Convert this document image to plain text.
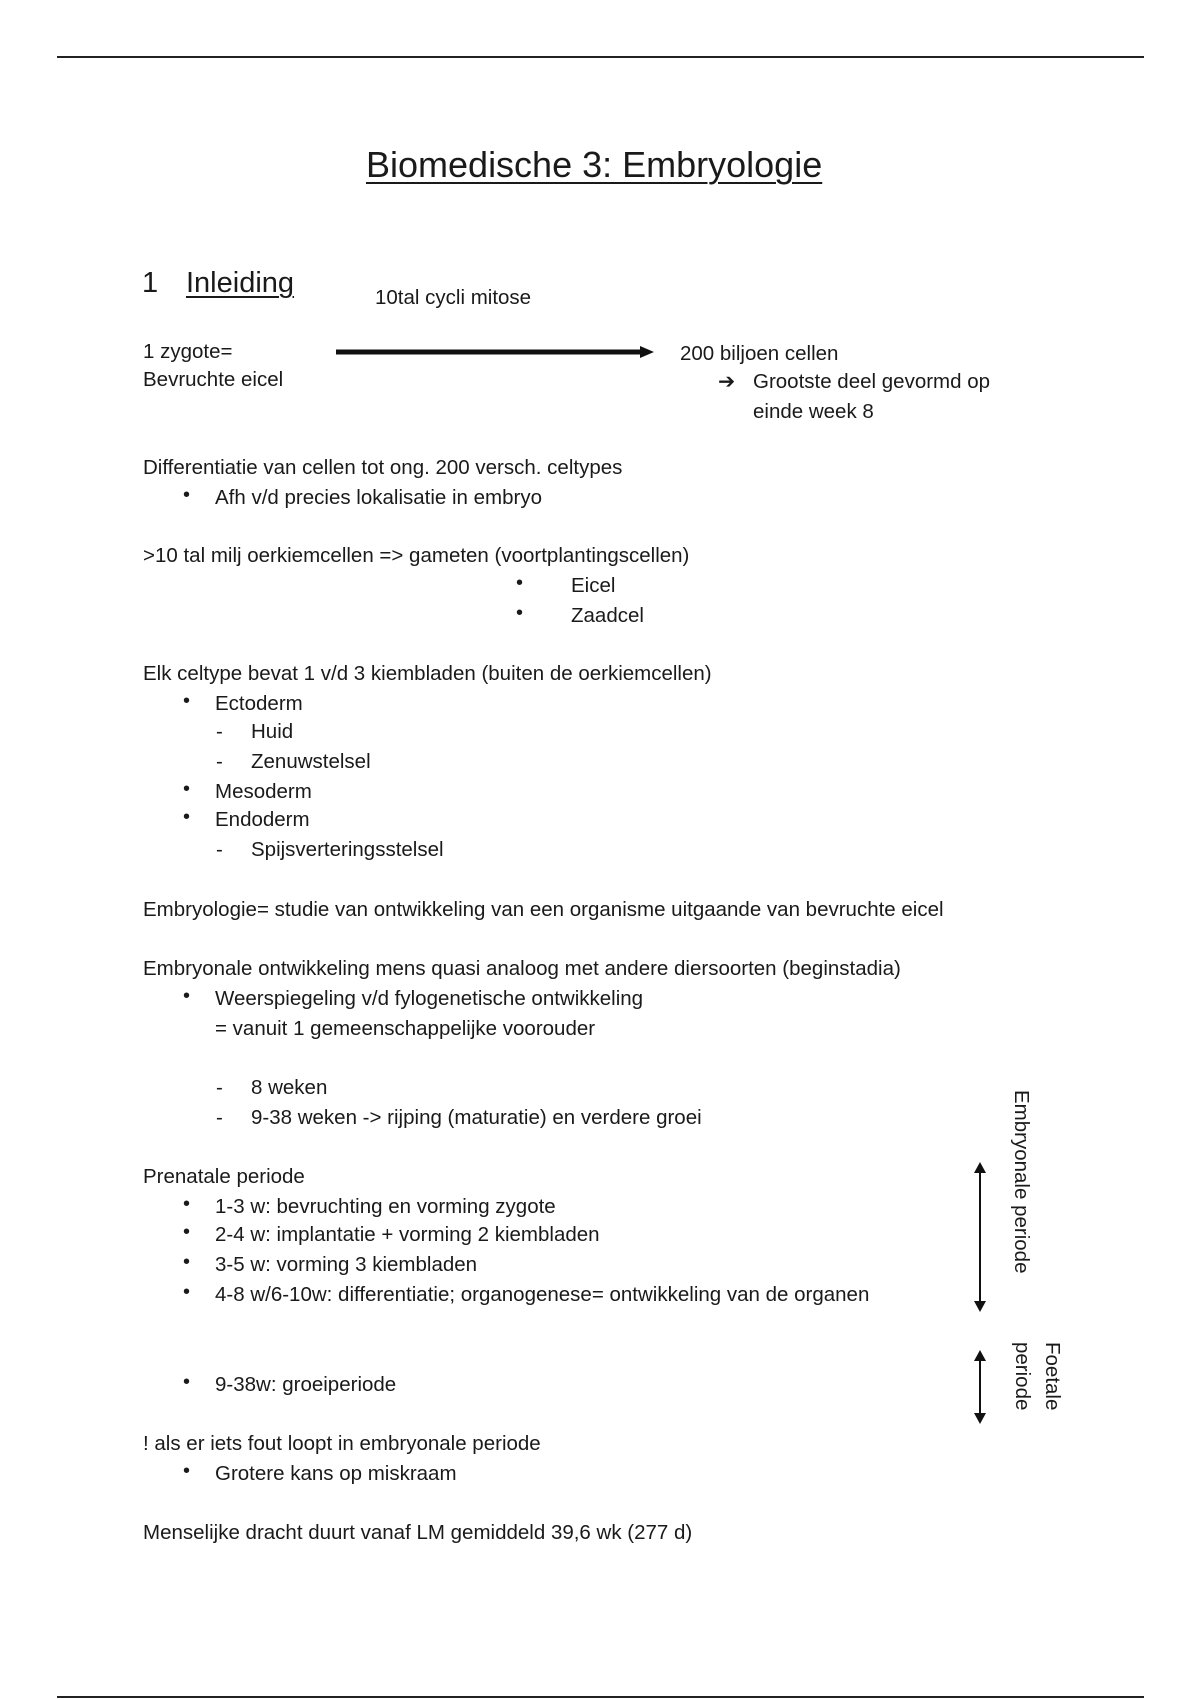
Biomedische 3: Embryologie
1 Inleiding	10tal cycli mitose
1 zygote=
Bevruchte eicel
200 biljoen cellen
➔ Grootste deel gevormd op
einde week 8
Differentiatie van cellen tot ong. 200 versch. celtypes
• Afh v/d precies lokalisatie in embryo
>10 tal milj oerkiemcellen => gameten (voortplantingscellen)
• Eicel
• Zaadcel
Elk celtype bevat 1 v/d 3 kiembladen (buiten de oerkiemcellen)
• Ectoderm
- Huid
- Zenuwstelsel
• Mesoderm
• Endoderm
- Spijsverteringsstelsel
Embryologie= studie van ontwikkeling van een organisme uitgaande van bevruchte eicel
Embryonale ontwikkeling mens quasi analoog met andere diersoorten (beginstadia)
• Weerspiegeling v/d fylogenetische ontwikkeling
= vanuit 1 gemeenschappelijke voorouder
- 8 weken
- 9-38 weken -> rijping (maturatie) en verdere groei
Prenatale periode
• 1-3 w: bevruchting en vorming zygote
• 2-4 w: implantatie + vorming 2 kiembladen
• 3-5 w: vorming 3 kiembladen
• 4-8 w/6-10w: differentiatie; organogenese= ontwikkeling van de organen
• 9-38w: groeiperiode
Embryonale periode
Foetale
periode
! als er iets fout loopt in embryonale periode
• Grotere kans op miskraam
Menselijke dracht duurt vanaf LM gemiddeld 39,6 wk (277 d)
